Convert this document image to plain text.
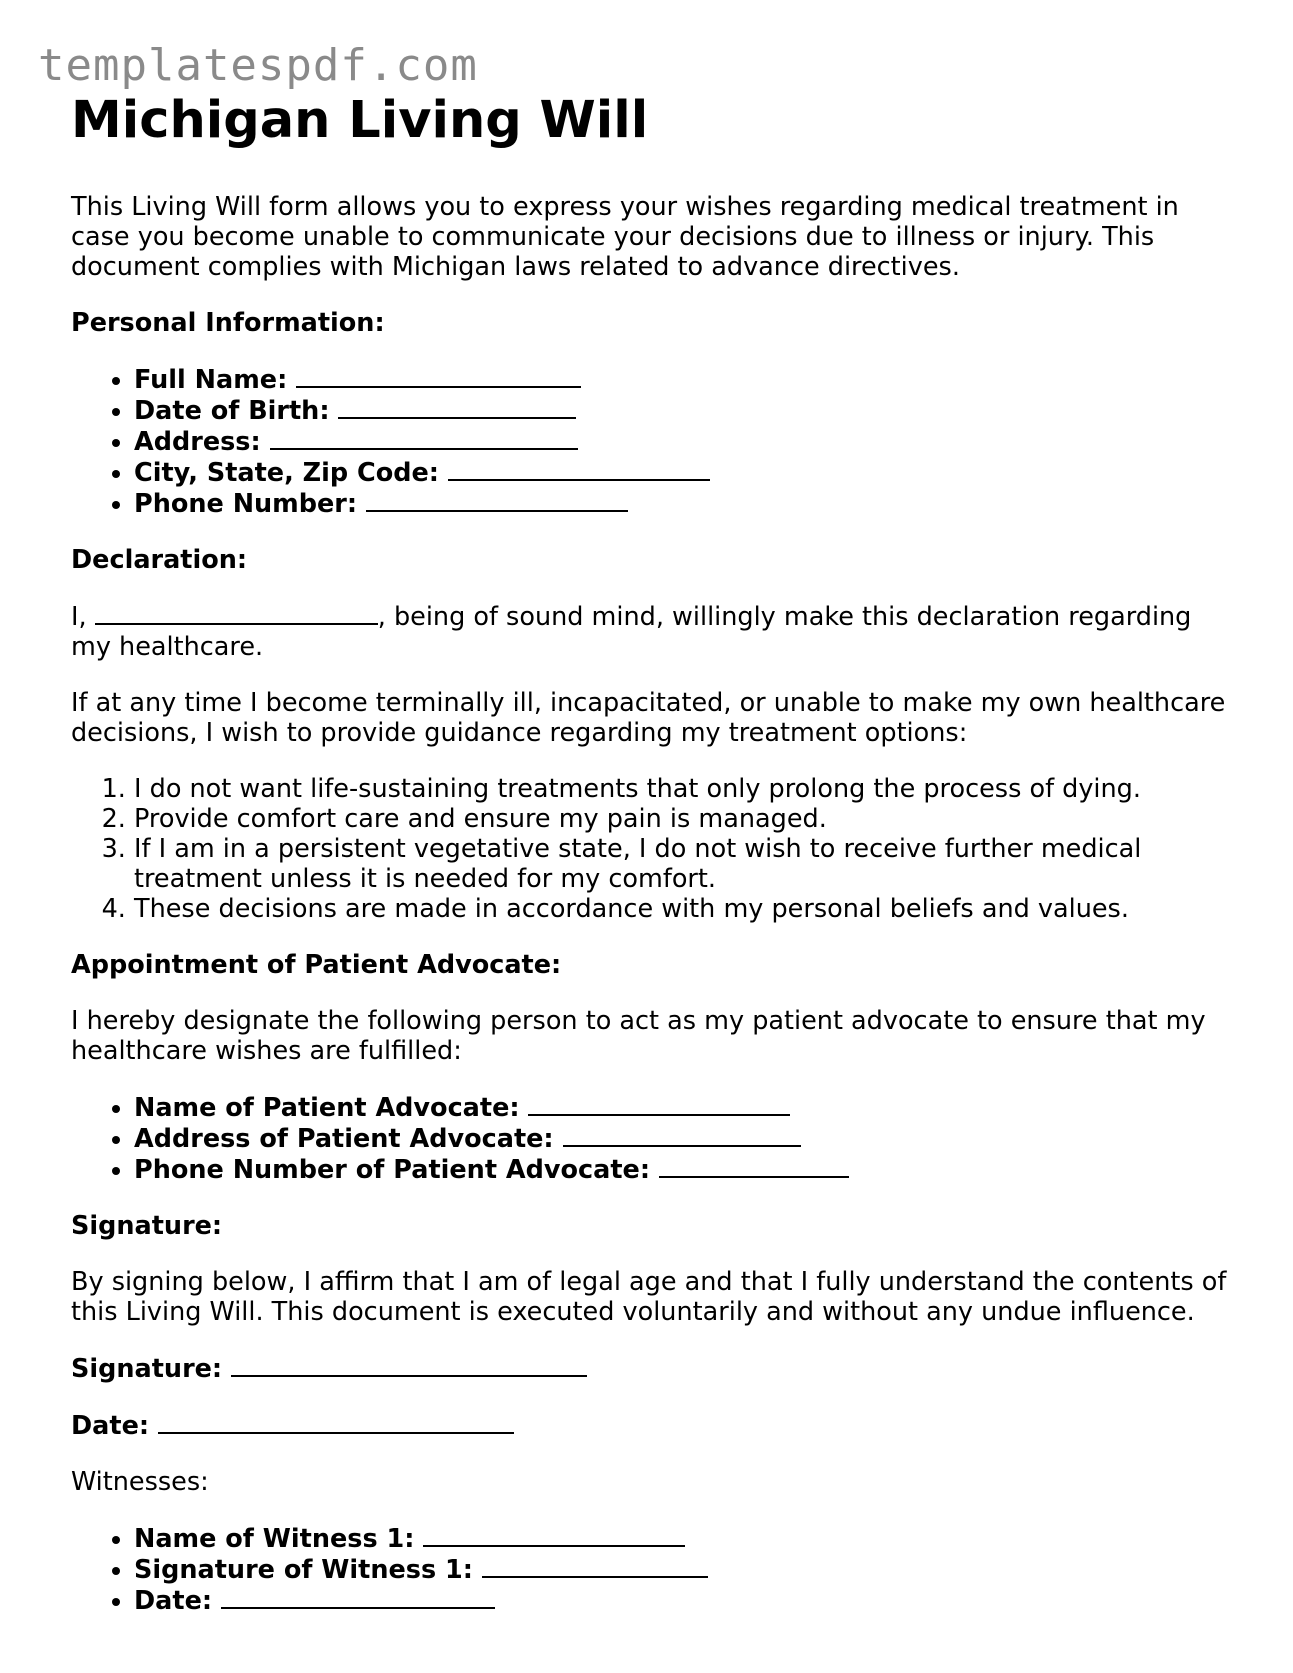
templatespdf.com
Michigan Living Will

This Living Will form allows you to express your wishes regarding medical treatment in case you become unable to communicate your decisions due to illness or injury. This document complies with Michigan laws related to advance directives.

Personal Information:

• Full Name:
• Date of Birth:
• Address:
• City, State, Zip Code:
• Phone Number:

Declaration:

I,	, being of sound mind, willingly make this declaration regarding my healthcare.

If at any time I become terminally ill, incapacitated, or unable to make my own healthcare decisions, I wish to provide guidance regarding my treatment options:

1. I do not want life-sustaining treatments that only prolong the process of dying.
2. Provide comfort care and ensure my pain is managed.
3. If I am in a persistent vegetative state, I do not wish to receive further medical treatment unless it is needed for my comfort.
4. These decisions are made in accordance with my personal beliefs and values.

Appointment of Patient Advocate:

I hereby designate the following person to act as my patient advocate to ensure that my healthcare wishes are fulfilled:

• Name of Patient Advocate:
• Address of Patient Advocate:
• Phone Number of Patient Advocate:

Signature:

By signing below, I affirm that I am of legal age and that I fully understand the contents of this Living Will. This document is executed voluntarily and without any undue influence.

Signature:

Date:

Witnesses:

• Name of Witness 1:
• Signature of Witness 1:
• Date:
